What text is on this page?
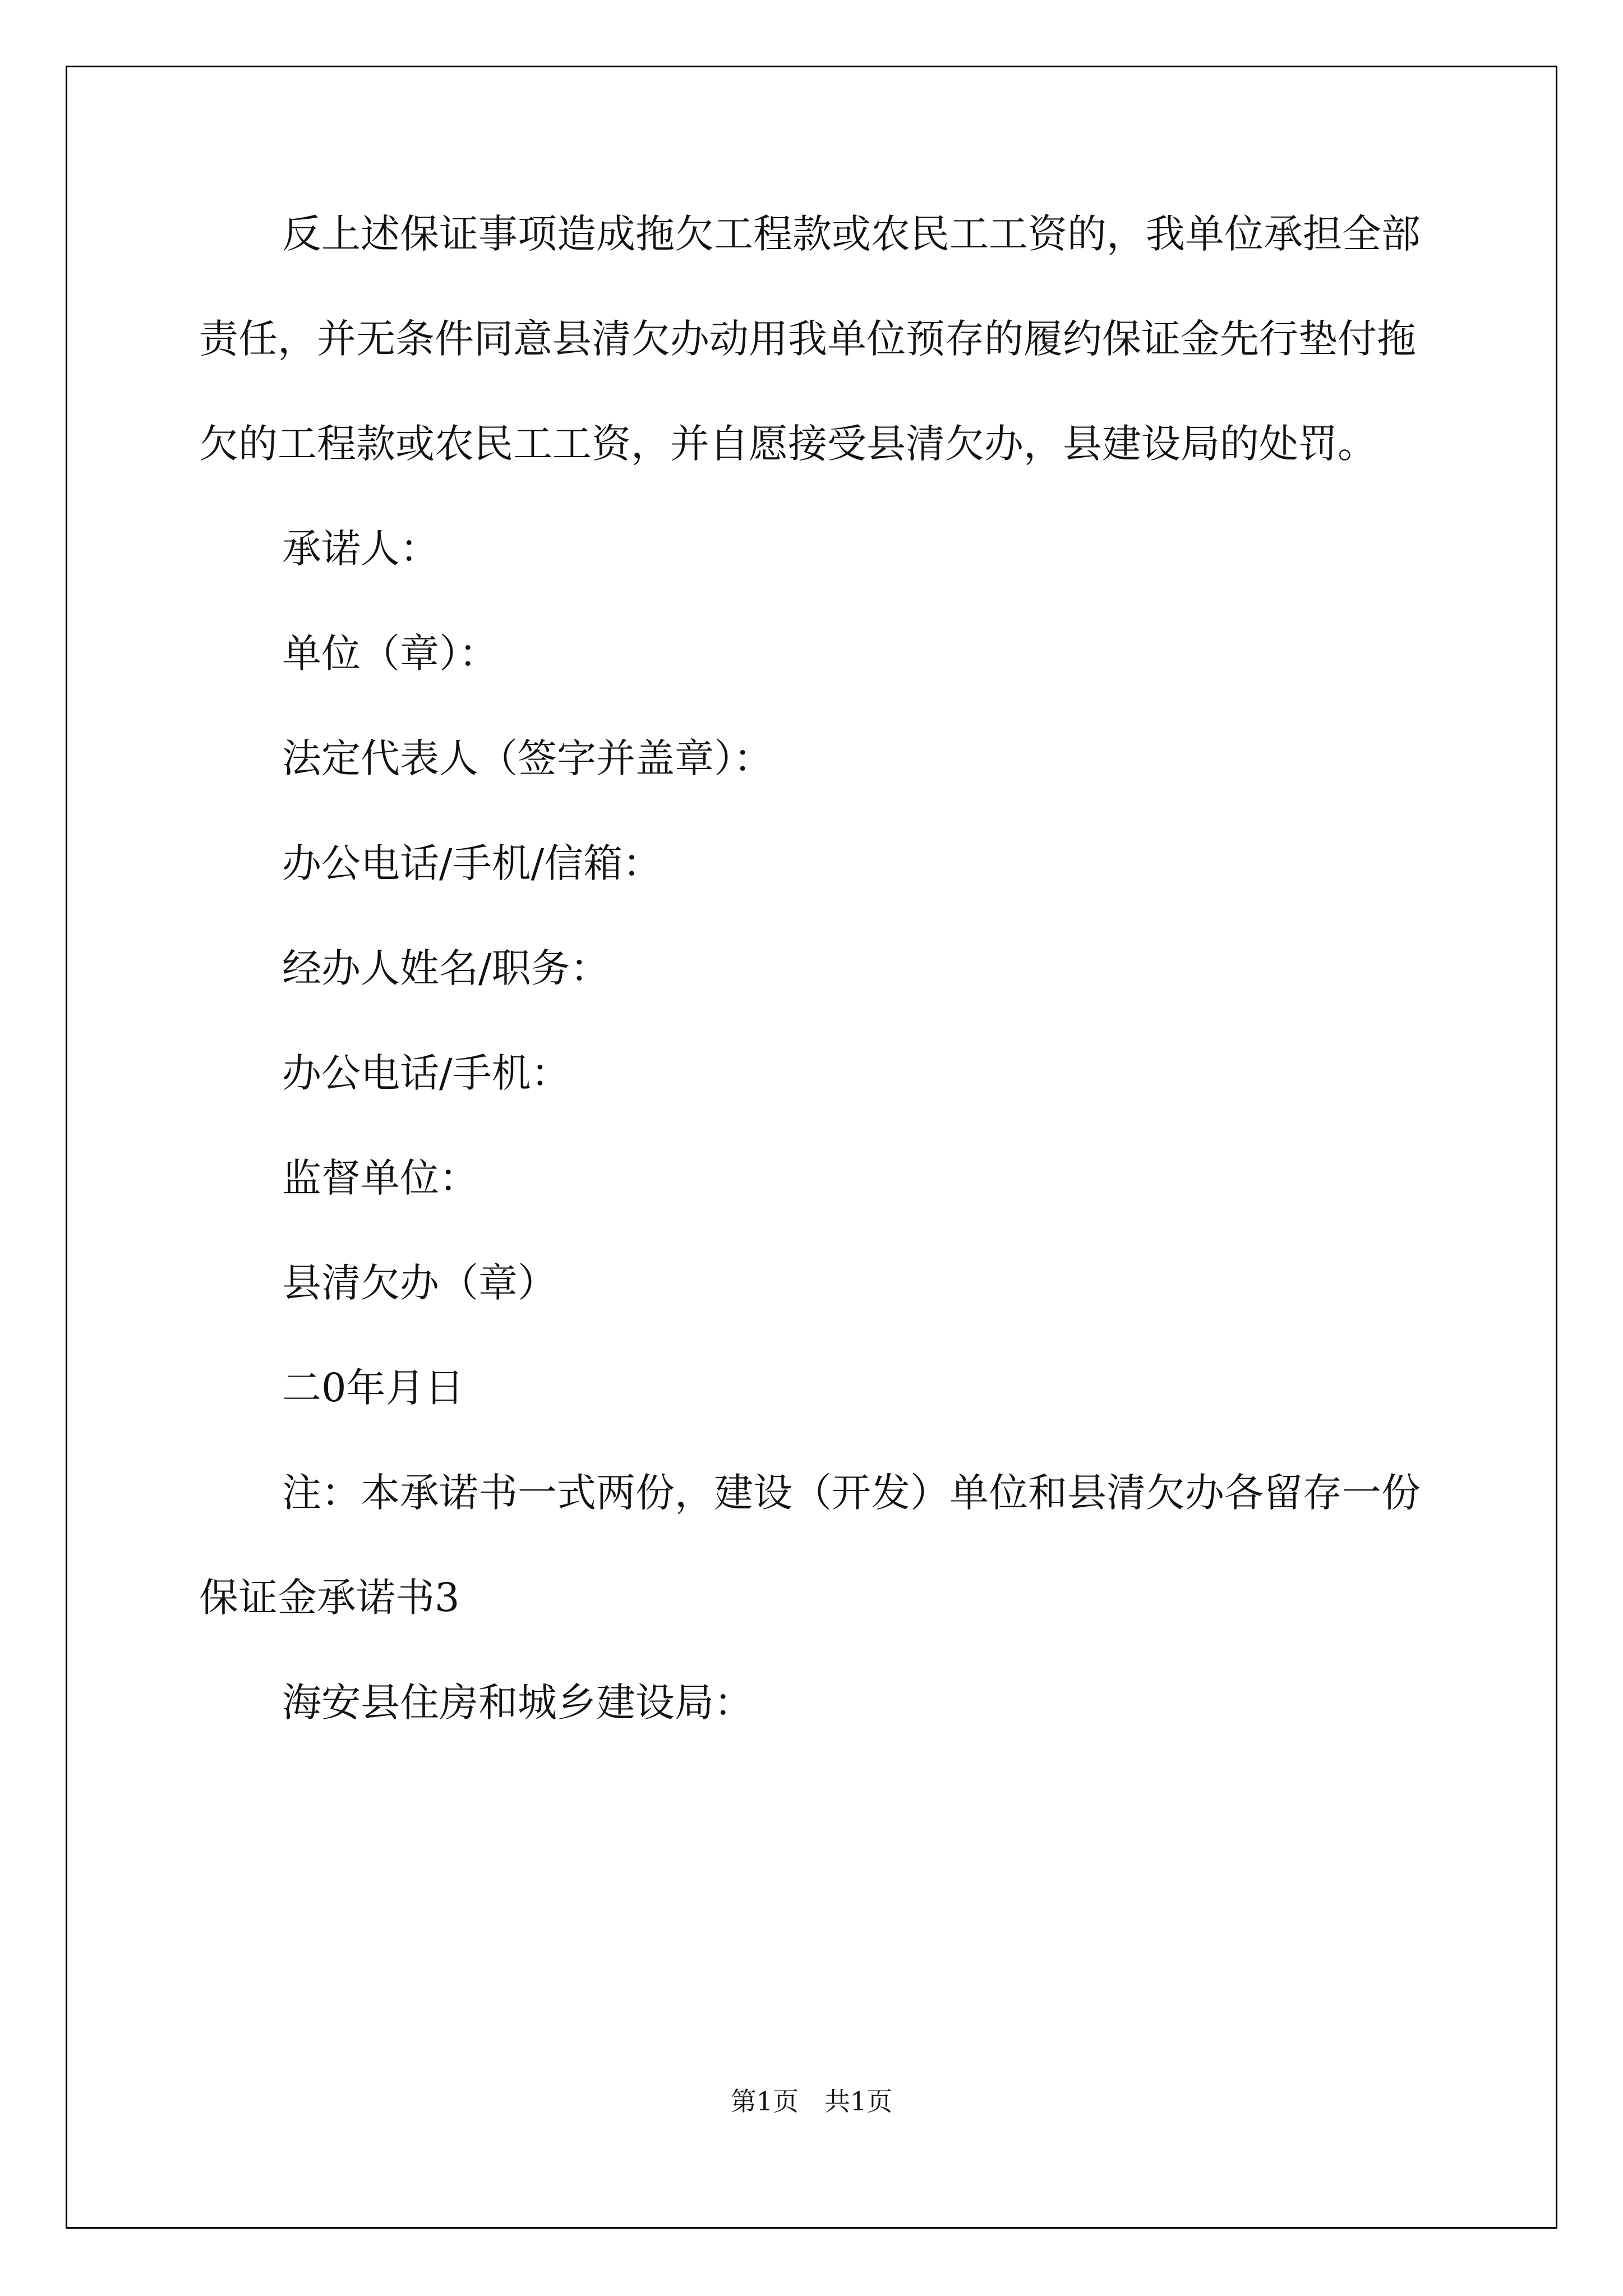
反上述保证事项造成拖欠工程款或农民工工资的，我单位承担全部责任，并无条件同意县清欠办动用我单位预存的履约保证金先行垫付拖欠的工程款或农民工工资，并自愿接受县清欠办，县建设局的处罚。

承诺人：

单位（章）：

法定代表人（签字并盖章）：

办公电话/手机/信箱：

经办人姓名/职务：

办公电话/手机：

监督单位：

县清欠办（章）

二0年月日

注：本承诺书一式两份，建设（开发）单位和县清欠办各留存一份

保证金承诺书3

海安县住房和城乡建设局：

第1页　共1页
